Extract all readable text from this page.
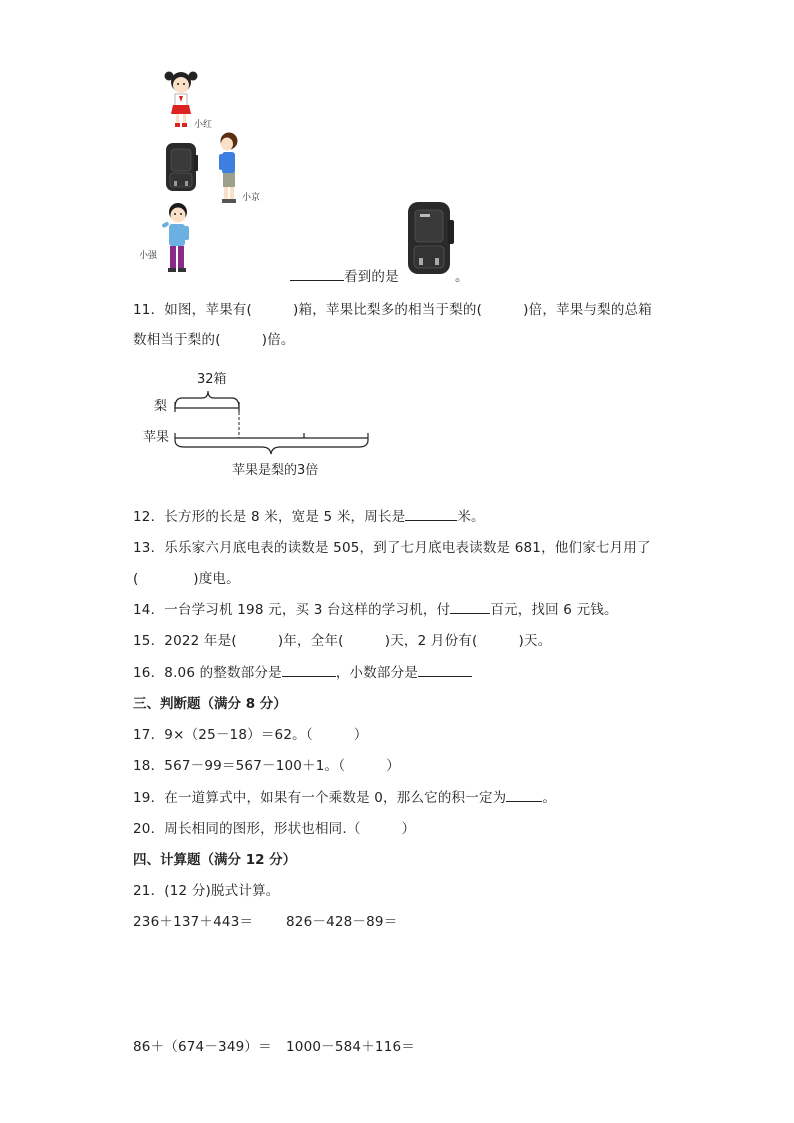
小红
小京
小强
看到的是	。
11．如图，苹果有(　　　)箱，苹果比梨多的相当于梨的(　　　)倍，苹果与梨的总箱
数相当于梨的(　　　)倍。
32箱
梨
苹果
苹果是梨的3倍
12．长方形的长是 8 米，宽是 5 米，周长是	米。
13．乐乐家六月底电表的读数是 505，到了七月底电表读数是 681，他们家七月用了
(　　　　)度电。
14．一台学习机 198 元，买 3 台这样的学习机，付	百元，找回 6 元钱。
15．2022 年是(　　　)年，全年(　　　)天，2 月份有(　　　)天。
16．8.06 的整数部分是	，小数部分是
三、判断题（满分 8 分）
17．9×（25－18）＝62。（　　　）
18．567－99＝567－100＋1。（　　　）
19．在一道算式中，如果有一个乘数是 0，那么它的积一定为	。
20．周长相同的图形，形状也相同.（　　　）
四、计算题（满分 12 分）
21．(12 分)脱式计算。
236＋137＋443＝ 826－428－89＝
86＋（674－349）＝ 1000－584＋116＝
